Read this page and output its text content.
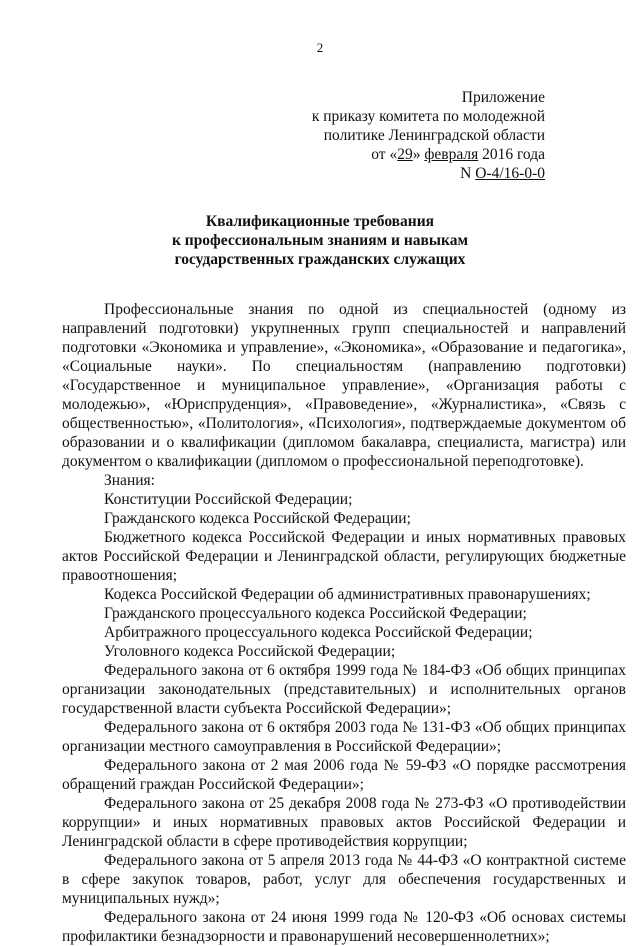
2
Приложение
к приказу комитета по молодежной
политике Ленинградской области
от «29» февраля 2016 года
N О-4/16-0-0
Квалификационные требования
к профессиональным знаниям и навыкам
государственных гражданских служащих

Профессиональные знания по одной из специальностей (одному из направлений подготовки) укрупненных групп специальностей и направлений подготовки «Экономика и управление», «Экономика», «Образование и педагогика», «Социальные науки». По специальностям (направлению подготовки) «Государственное и муниципальное управление», «Организация работы с молодежью», «Юриспруденция», «Правоведение», «Журналистика», «Связь с общественностью», «Политология», «Психология», подтверждаемые документом об образовании и о квалификации (дипломом бакалавра, специалиста, магистра) или документом о квалификации (дипломом о профессиональной переподготовке).

Знания:

Конституции Российской Федерации;

Гражданского кодекса Российской Федерации;

Бюджетного кодекса Российской Федерации и иных нормативных правовых актов Российской Федерации и Ленинградской области, регулирующих бюджетные правоотношения;

Кодекса Российской Федерации об административных правонарушениях;

Гражданского процессуального кодекса Российской Федерации;

Арбитражного процессуального кодекса Российской Федерации;

Уголовного кодекса Российской Федерации;

Федерального закона от 6 октября 1999 года № 184-ФЗ «Об общих принципах организации законодательных (представительных) и исполнительных органов государственной власти субъекта Российской Федерации»;

Федерального закона от 6 октября 2003 года № 131-ФЗ «Об общих принципах организации местного самоуправления в Российской Федерации»;

Федерального закона от 2 мая 2006 года № 59-ФЗ «О порядке рассмотрения обращений граждан Российской Федерации»;

Федерального закона от 25 декабря 2008 года № 273-ФЗ «О противодействии коррупции» и иных нормативных правовых актов Российской Федерации и Ленинградской области в сфере противодействия коррупции;

Федерального закона от 5 апреля 2013 года № 44-ФЗ «О контрактной системе в сфере закупок товаров, работ, услуг для обеспечения государственных и муниципальных нужд»;

Федерального закона от 24 июня 1999 года № 120-ФЗ «Об основах системы профилактики безнадзорности и правонарушений несовершеннолетних»;
